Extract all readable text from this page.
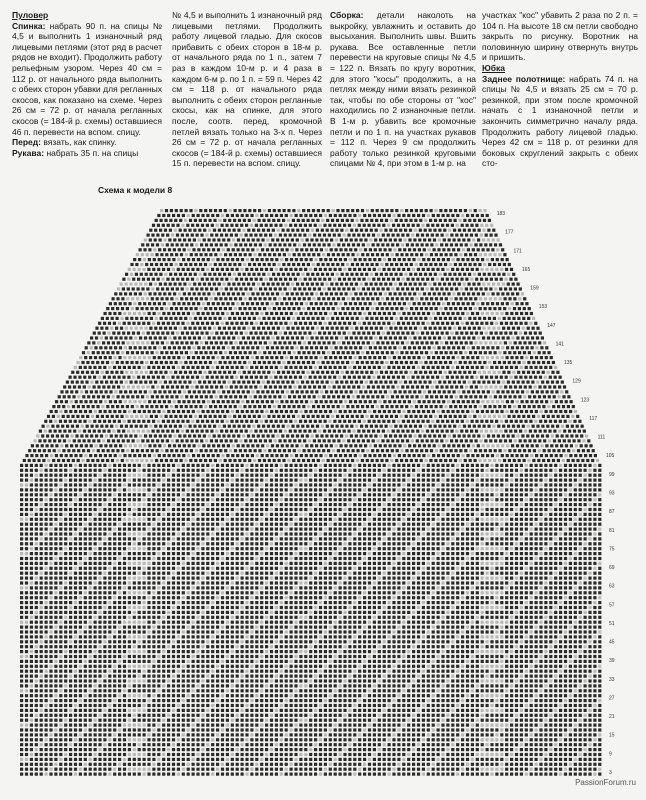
Пуловер

Спинка: набрать 90 п. на спицы № 4,5 и выполнить 1 изнаночный ряд лицевыми петлями (этот ряд в расчет рядов не входит). Продолжить работу рельефным узором. Через 40 см = 112 р. от начального ряда выполнить с обеих сторон убавки для регланных скосов, как показано на схеме. Через 26 см = 72 р. от начала регланных скосов (= 184-й р. схемы) оставшиеся 46 п. перевести на вспом. спицу.

Перед: вязать, как спинку.

Рукава: набрать 35 п. на спицы

№ 4,5 и выполнить 1 изнаночный ряд лицевыми петлями. Продолжить работу лицевой гладью. Для скосов прибавить с обеих сторон в 18-м р. от начального ряда по 1 п., затем 7 раз в каждом 10-м р. и 4 раза в каждом 6-м р. по 1 п. = 59 п. Через 42 см = 118 р. от начального ряда выполнить с обеих сторон регланные скосы, как на спинке, для этого после, соотв. перед, кромочной петлей вязать только на 3-х п. Через 26 см = 72 р. от начала регланных скосов (= 184-й р. схемы) оставшиеся 15 п. перевести на вспом. спицу.

Сборка: детали наколоть на выкройку, увлажнить и оставить до высыхания. Выполнить швы. Вшить рукава. Все оставленные петли перевести на круговые спицы № 4,5 = 122 п. Вязать по кругу воротник, для этого "косы" продолжить, а на петлях между ними вязать резинкой так, чтобы по обе стороны от "кос" находились по 2 изнаночные петли. В 1-м р. убавить все кромочные петли и по 1 п. на участках рукавов = 112 п. Через 9 см продолжить работу только резинкой круговыми спицами № 4, при этом в 1-м р. на

участках "кос" убавить 2 раза по 2 п. = 104 п. На высоте 18 см петли свободно закрыть по рисунку. Воротник на половинную ширину отвернуть внутрь и пришить.

Юбка

Заднее полотнище: набрать 74 п. на спицы № 4,5 и вязать 25 см = 70 р. резинкой, при этом после кромочной начать с 1 изнаночной петли и закончить симметрично началу ряда. Продолжить работу лицевой гладью. Через 42 см = 118 р. от резинки для боковых скруглений закрыть с обеих сто-

183
177
171
165
159
153
147
141
135
129
123
117
111
105
99
93
87
81
75
69
63
57
51
45
39
33
27
21
15
9
3
Схема к модели 8
PassionForum.ru
